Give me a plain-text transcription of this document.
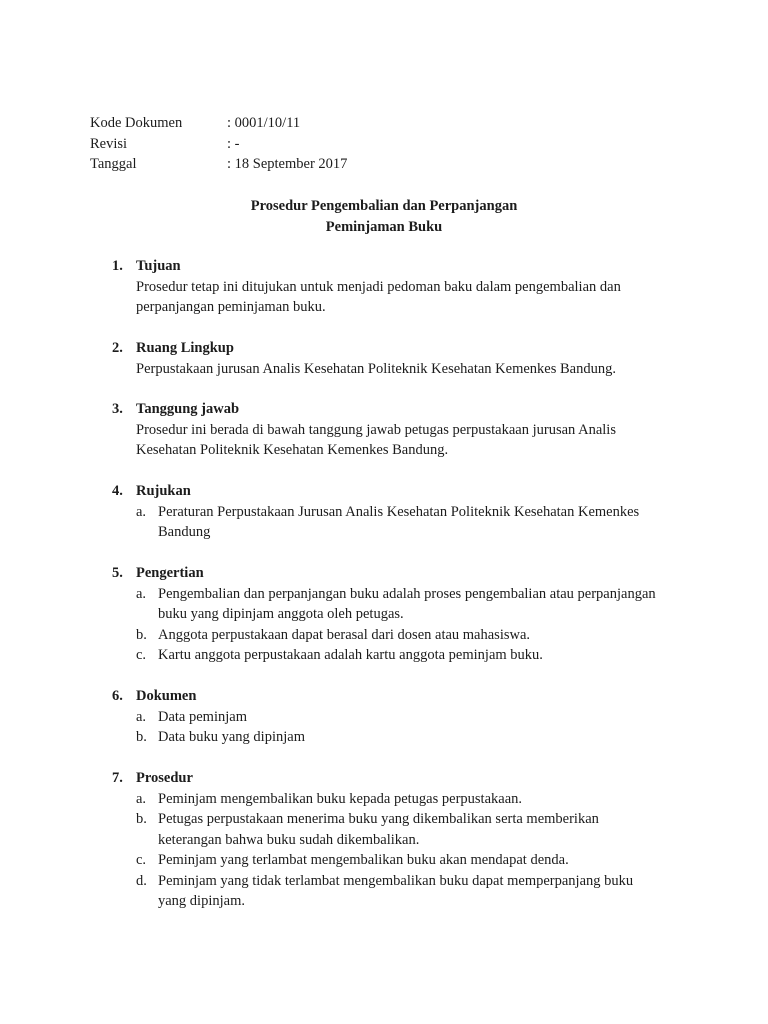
Kode Dokumen	: 0001/10/11
Revisi	: -
Tanggal	: 18 September 2017
Prosedur Pengembalian dan Perpanjangan
Peminjaman Buku
1. Tujuan
Prosedur tetap ini ditujukan untuk menjadi pedoman baku dalam pengembalian dan
perpanjangan peminjaman buku.
2. Ruang Lingkup
Perpustakaan jurusan Analis Kesehatan Politeknik Kesehatan Kemenkes Bandung.
3. Tanggung jawab
Prosedur ini berada di bawah tanggung jawab petugas perpustakaan jurusan Analis
Kesehatan Politeknik Kesehatan Kemenkes Bandung.
4. Rujukan
a. Peraturan Perpustakaan Jurusan Analis Kesehatan Politeknik Kesehatan Kemenkes
Bandung
5. Pengertian
a. Pengembalian dan perpanjangan buku adalah proses pengembalian atau perpanjangan
buku yang dipinjam anggota oleh petugas.
b. Anggota perpustakaan dapat berasal dari dosen atau mahasiswa.
c. Kartu anggota perpustakaan adalah kartu anggota peminjam buku.
6. Dokumen
a. Data peminjam
b. Data buku yang dipinjam
7. Prosedur
a. Peminjam mengembalikan buku kepada petugas perpustakaan.
b. Petugas perpustakaan menerima buku yang dikembalikan serta memberikan
keterangan bahwa buku sudah dikembalikan.
c. Peminjam yang terlambat mengembalikan buku akan mendapat denda.
d. Peminjam yang tidak terlambat mengembalikan buku dapat memperpanjang buku
yang dipinjam.
